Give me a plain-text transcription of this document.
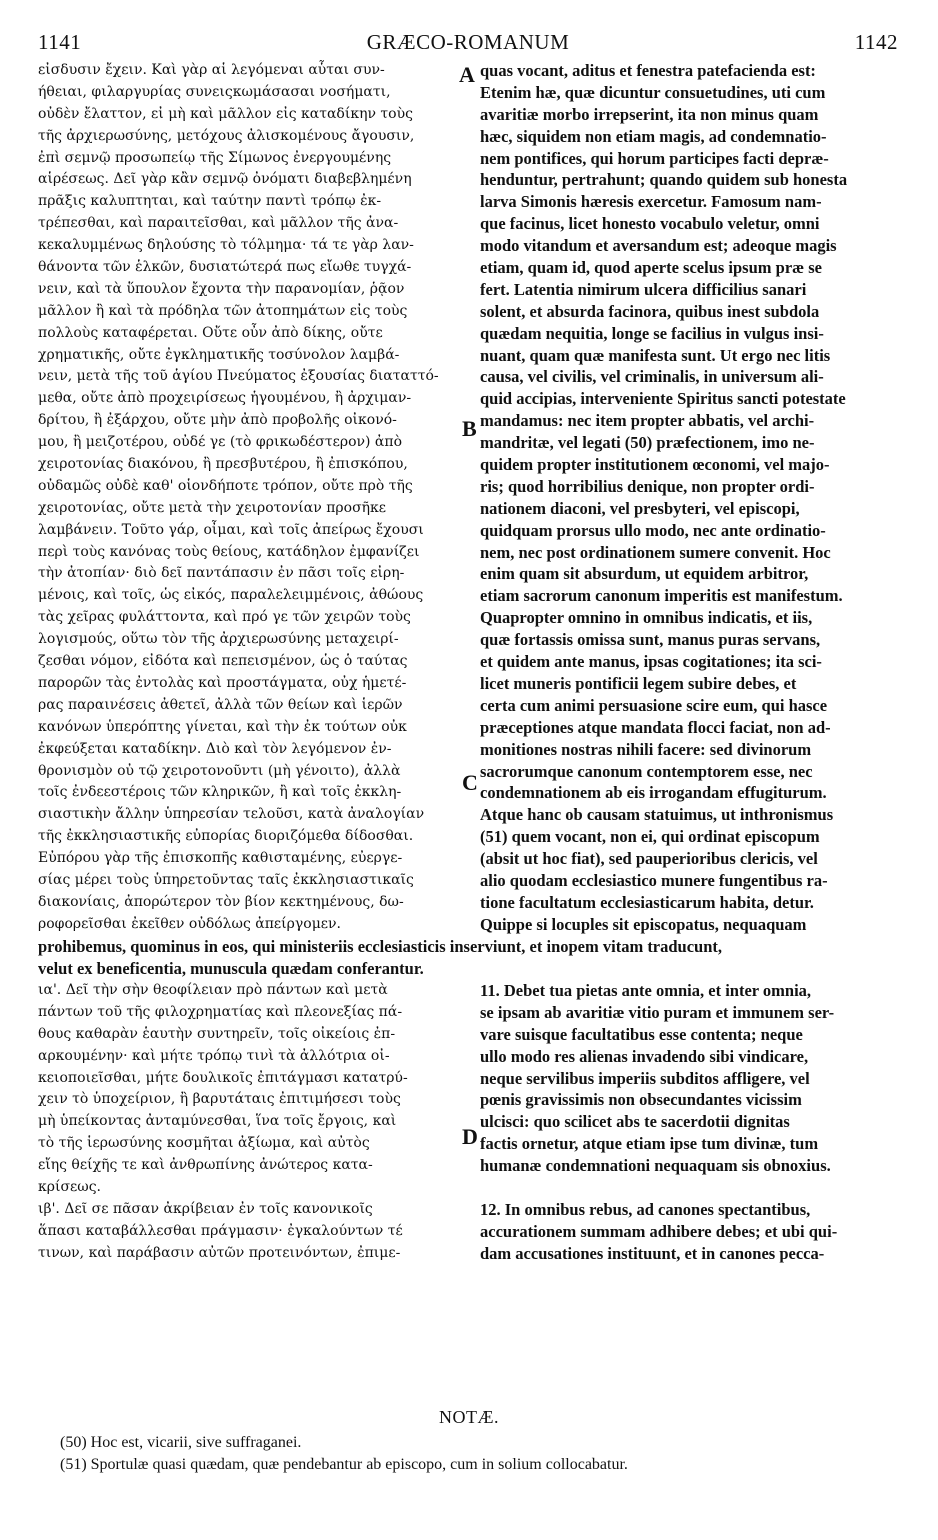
1141	GRÆCO-ROMANUM	1142
εἰσδυσιν ἔχειν. Καὶ γὰρ αἱ λεγόμεναι αὗται συν-
ήθειαι, φιλαργυρίας συνειςκωμάσασαι νοσήματι,
οὐδὲν ἔλαττον, εἰ μὴ καὶ μᾶλλον εἰς καταδίκην τοὺς
τῆς ἀρχιερωσύνης, μετόχους ἀλισκομένους ἄγουσιν,
ἐπὶ σεμνῷ προσωπείῳ τῆς Σίμωνος ἐνεργουμένης
αἱρέσεως. Δεῖ γὰρ κἂν σεμνῷ ὀνόματι διαβεβλημένη
πρᾶξις καλυπτηται, καὶ ταύτην παντὶ τρόπῳ ἐκ-
τρέπεσθαι, καὶ παραιτεῖσθαι, καὶ μᾶλλον τῆς ἀνα-
κεκαλυμμένως δηλούσης τὸ τόλμημα· τά τε γὰρ λαν-
θάνοντα τῶν ἑλκῶν, δυσιατώτερά πως εἴωθε τυγχά-
νειν, καὶ τὰ ὕπουλον ἔχοντα τὴν παρανομίαν, ῥᾷον
μᾶλλον ἢ καὶ τὰ πρόδηλα τῶν ἀτοπημάτων εἰς τοὺς
πολλοὺς καταφέρεται. Οὔτε οὖν ἀπὸ δίκης, οὔτε
χρηματικῆς, οὔτε ἐγκληματικῆς τοσύνολον λαμβά-
νειν, μετὰ τῆς τοῦ ἁγίου Πνεύματος ἐξουσίας διαταττό-
μεθα, οὔτε ἀπὸ προχειρίσεως ἡγουμένου, ἢ ἀρχιμαν-
δρίτου, ἢ ἐξάρχου, οὔτε μὴν ἀπὸ προβολῆς οἰκονό-
μου, ἢ μειζοτέρου, οὐδέ γε (τὸ φρικωδέστερον) ἀπὸ
χειροτονίας διακόνου, ἢ πρεσβυτέρου, ἢ ἐπισκόπου,
οὐδαμῶς οὐδὲ καθ' οἱονδήποτε τρόπον, οὔτε πρὸ τῆς
χειροτονίας, οὔτε μετὰ τὴν χειροτονίαν προσῆκε
λαμβάνειν. Τοῦτο γάρ, οἶμαι, καὶ τοῖς ἀπείρως ἔχουσι
περὶ τοὺς κανόνας τοὺς θείους, κατάδηλον ἐμφανίζει
τὴν ἀτοπίαν· διὸ δεῖ παντάπασιν ἐν πᾶσι τοῖς εἰρη-
μένοις, καὶ τοῖς, ὡς εἰκός, παραλελειμμένοις, ἀθώους
τὰς χεῖρας φυλάττοντα, καὶ πρό γε τῶν χειρῶν τοὺς
λογισμούς, οὕτω τὸν τῆς ἀρχιερωσύνης μεταχειρί-
ζεσθαι νόμον, εἰδότα καὶ πεπεισμένον, ὡς ὁ ταύτας
παρορῶν τὰς ἐντολὰς καὶ προστάγματα, οὐχ ἡμετέ-
ρας παραινέσεις ἀθετεῖ, ἀλλὰ τῶν θείων καὶ ἱερῶν
κανόνων ὑπερόπτης γίνεται, καὶ τὴν ἐκ τούτων οὐκ
ἐκφεύξεται καταδίκην. Διὸ καὶ τὸν λεγόμενον ἐν-
θρονισμὸν οὐ τῷ χειροτονοῦντι (μὴ γένοιτο), ἀλλὰ
τοῖς ἐνδεεστέροις τῶν κληρικῶν, ἢ καὶ τοῖς ἐκκλη-
σιαστικὴν ἄλλην ὑπηρεσίαν τελοῦσι, κατὰ ἀναλογίαν
τῆς ἐκκλησιαστικῆς εὐπορίας διοριζόμεθα δίδοσθαι.
Εὐπόρου γὰρ τῆς ἐπισκοπῆς καθισταμένης, εὐεργε-
σίας μέρει τοὺς ὑπηρετοῦντας ταῖς ἐκκλησιαστικαῖς
διακονίαις, ἀπορώτερον τὸν βίον κεκτημένους, δω-
ροφορεῖσθαι ἐκεῖθεν οὐδόλως ἀπείργομεν.
quas vocant, aditus et fenestra patefacienda est:
Etenim hæ, quæ dicuntur consuetudines, uti cum
avaritiæ morbo irrepserint, ita non minus quam
hæc, siquidem non etiam magis, ad condemnatio-
nem pontifices, qui horum participes facti depræ-
henduntur, pertrahunt; quando quidem sub honesta
larva Simonis hæresis exercetur. Famosum nam-
que facinus, licet honesto vocabulo veletur, omni
modo vitandum et aversandum est; adeoque magis
etiam, quam id, quod aperte scelus ipsum præ se
fert. Latentia nimirum ulcera difficilius sanari
solent, et absurda facinora, quibus inest subdola
quædam nequitia, longe se facilius in vulgus insi-
nuant, quam quæ manifesta sunt. Ut ergo nec litis
causa, vel civilis, vel criminalis, in universum ali-
quid accipias, interveniente Spiritus sancti potestate
mandamus: nec item propter abbatis, vel archi-
mandritæ, vel legati (50) præfectionem, imo ne-
quidem propter institutionem œconomi, vel majo-
ris; quod horribilius denique, non propter ordi-
nationem diaconi, vel presbyteri, vel episcopi,
quidquam prorsus ullo modo, nec ante ordinatio-
nem, nec post ordinationem sumere convenit. Hoc
enim quam sit absurdum, ut equidem arbitror,
etiam sacrorum canonum imperitis est manifestum.
Quapropter omnino in omnibus indicatis, et iis,
quæ fortassis omissa sunt, manus puras servans,
et quidem ante manus, ipsas cogitationes; ita sci-
licet muneris pontificii legem subire debes, et
certa cum animi persuasione scire eum, qui hasce
præceptiones atque mandata flocci faciat, non ad-
monitiones nostras nihili facere: sed divinorum
sacrorumque canonum contemptorem esse, nec
condemnationem ab eis irrogandam effugiturum.
Atque hanc ob causam statuimus, ut inthronismus
(51) quem vocant, non ei, qui ordinat episcopum
(absit ut hoc fiat), sed pauperioribus clericis, vel
alio quodam ecclesiastico munere fungentibus ra-
tione facultatum ecclesiasticarum habita, detur.
Quippe si locuples sit episcopatus, nequaquam
prohibemus, quominus in eos, qui ministeriis ecclesiasticis inserviunt, et inopem vitam traducunt,
velut ex beneficentia, munuscula quædam conferantur.
ια'. Δεῖ τὴν σὴν θεοφίλειαν πρὸ πάντων καὶ μετὰ
πάντων τοῦ τῆς φιλοχρηματίας καὶ πλεονεξίας πά-
θους καθαρὰν ἑαυτὴν συντηρεῖν, τοῖς οἰκείοις ἐπ-
αρκουμένην· καὶ μήτε τρόπῳ τινὶ τὰ ἀλλότρια οἰ-
κειοποιεῖσθαι, μήτε δουλικοῖς ἐπιτάγμασι κατατρύ-
χειν τὸ ὑποχείριον, ἢ βαρυτάταις ἐπιτιμήσεσι τοὺς
μὴ ὑπείκοντας ἀνταμύνεσθαι, ἵνα τοῖς ἔργοις, καὶ
τὸ τῆς ἱερωσύνης κοσμῆται ἀξίωμα, καὶ αὐτὸς
εἴης θείχῆς τε καὶ ἀνθρωπίνης ἀνώτερος κατα-
κρίσεως.
ιβ'. Δεῖ σε πᾶσαν ἀκρίβειαν ἐν τοῖς κανονικοῖς
ἅπασι καταβάλλεσθαι πράγμασιν· ἐγκαλούντων τέ
τινων, καὶ παράβασιν αὐτῶν προτεινόντων, ἐπιμε-
11. Debet tua pietas ante omnia, et inter omnia,
se ipsam ab avaritiæ vitio puram et immunem ser-
vare suisque facultatibus esse contenta; neque
ullo modo res alienas invadendo sibi vindicare,
neque servilibus imperiis subditos affligere, vel
pœnis gravissimis non obsecundantes vicissim
ulcisci: quo scilicet abs te sacerdotii dignitas
factis ornetur, atque etiam ipse tum divinæ, tum
humanæ condemnationi nequaquam sis obnoxius.
12. In omnibus rebus, ad canones spectantibus,
accurationem summam adhibere debes; et ubi qui-
dam accusationes instituunt, et in canones pecca-
A
B
C
D
NOTÆ.
(50) Hoc est, vicarii, sive suffraganei.
(51) Sportulæ quasi quædam, quæ pendebantur ab episcopo, cum in solium collocabatur.
